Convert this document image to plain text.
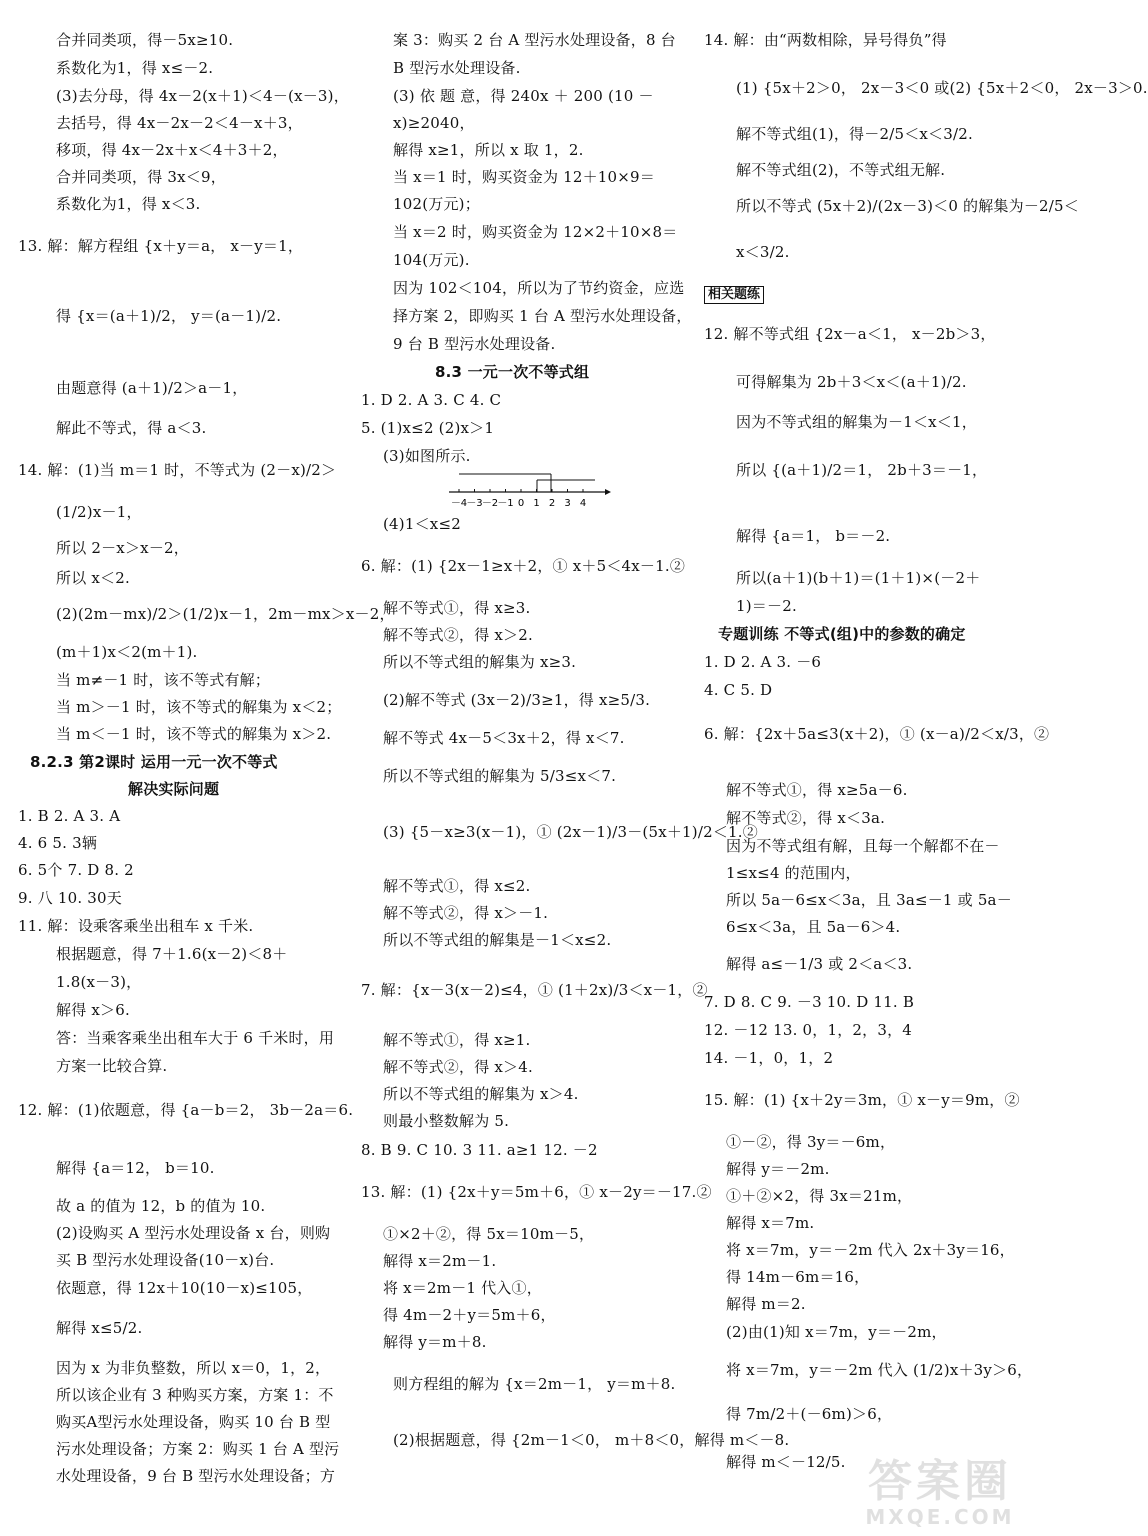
合并同类项，得－5x≥10.
系数化为1，得 x≤－2.
(3)去分母，得 4x－2(x＋1)＜4－(x－3)，
去括号，得 4x－2x－2＜4－x＋3，
移项，得 4x－2x＋x＜4＋3＋2，
合并同类项，得 3x＜9，
系数化为1，得 x＜3.
13. 解：解方程组 {x＋y＝a， x－y＝1，
得 {x＝(a＋1)/2， y＝(a－1)/2.
由题意得 (a＋1)/2＞a－1，
解此不等式，得 a＜3.
14. 解：(1)当 m＝1 时，不等式为 (2－x)/2＞
(1/2)x－1，
所以 2－x＞x－2，
所以 x＜2.
(2)(2m－mx)/2＞(1/2)x－1，2m－mx＞x－2，
(m＋1)x＜2(m＋1).
当 m≠－1 时，该不等式有解；
当 m＞－1 时，该不等式的解集为 x＜2；
当 m＜－1 时，该不等式的解集为 x＞2.
8.2.3 第2课时 运用一元一次不等式
解决实际问题
1. B 2. A 3. A
4. 6 5. 3辆
6. 5个 7. D 8. 2
9. 八 10. 30天
11. 解：设乘客乘坐出租车 x 千米.
根据题意，得 7＋1.6(x－2)＜8＋
1.8(x－3)，
解得 x＞6.
答：当乘客乘坐出租车大于 6 千米时，用
方案一比较合算.
12. 解：(1)依题意，得 {a－b＝2， 3b－2a＝6.
解得 {a＝12， b＝10.
故 a 的值为 12，b 的值为 10.
(2)设购买 A 型污水处理设备 x 台，则购
买 B 型污水处理设备(10－x)台.
依题意，得 12x＋10(10－x)≤105，
解得 x≤5/2.
因为 x 为非负整数，所以 x＝0，1，2，
所以该企业有 3 种购买方案，方案 1：不
购买A型污水处理设备，购买 10 台 B 型
污水处理设备；方案 2：购买 1 台 A 型污
水处理设备，9 台 B 型污水处理设备；方
案 3：购买 2 台 A 型污水处理设备，8 台
B 型污水处理设备.
(3) 依 题 意，得 240x ＋ 200 (10 －
x)≥2040，
解得 x≥1，所以 x 取 1，2.
当 x＝1 时，购买资金为 12＋10×9＝
102(万元)；
当 x＝2 时，购买资金为 12×2＋10×8＝
104(万元).
因为 102＜104，所以为了节约资金，应选
择方案 2，即购买 1 台 A 型污水处理设备，
9 台 B 型污水处理设备.
8.3 一元一次不等式组
1. D 2. A 3. C 4. C
5. (1)x≤2 (2)x＞1
(3)如图所示.
－4 －3 －2 －1 0 1 2 3 4
(4)1＜x≤2
6. 解：(1) {2x－1≥x＋2，① x＋5＜4x－1.②
解不等式①，得 x≥3.
解不等式②，得 x＞2.
所以不等式组的解集为 x≥3.
(2)解不等式 (3x－2)/3≥1，得 x≥5/3.
解不等式 4x－5＜3x＋2，得 x＜7.
所以不等式组的解集为 5/3≤x＜7.
(3) {5－x≥3(x－1)，① (2x－1)/3－(5x＋1)/2＜1.②
解不等式①，得 x≤2.
解不等式②，得 x＞－1.
所以不等式组的解集是－1＜x≤2.
7. 解：{x－3(x－2)≤4，① (1＋2x)/3＜x－1，②
解不等式①，得 x≥1.
解不等式②，得 x＞4.
所以不等式组的解集为 x＞4.
则最小整数解为 5.
8. B 9. C 10. 3 11. a≥1 12. －2
13. 解：(1) {2x＋y＝5m＋6，① x－2y＝－17.②
①×2＋②，得 5x＝10m－5，
解得 x＝2m－1.
将 x＝2m－1 代入①，
得 4m－2＋y＝5m＋6，
解得 y＝m＋8.
则方程组的解为 {x＝2m－1， y＝m＋8.
(2)根据题意，得 {2m－1＜0， m＋8＜0，解得 m＜－8.
14. 解：由“两数相除，异号得负”得
(1) {5x＋2＞0， 2x－3＜0 或(2) {5x＋2＜0， 2x－3＞0.
解不等式组(1)，得－2/5＜x＜3/2.
解不等式组(2)，不等式组无解.
所以不等式 (5x＋2)/(2x－3)＜0 的解集为－2/5＜
x＜3/2.
相关题练
12. 解不等式组 {2x－a＜1， x－2b＞3，
可得解集为 2b＋3＜x＜(a＋1)/2.
因为不等式组的解集为－1＜x＜1，
所以 {(a＋1)/2＝1， 2b＋3＝－1，
解得 {a＝1， b＝－2.
所以(a＋1)(b＋1)＝(1＋1)×(－2＋
1)＝－2.
专题训练 不等式(组)中的参数的确定
1. D 2. A 3. －6
4. C 5. D
6. 解：{2x＋5a≤3(x＋2)，① (x－a)/2＜x/3，②
解不等式①，得 x≥5a－6.
解不等式②，得 x＜3a.
因为不等式组有解，且每一个解都不在－
1≤x≤4 的范围内，
所以 5a－6≤x＜3a，且 3a≤－1 或 5a－
6≤x＜3a，且 5a－6＞4.
解得 a≤－1/3 或 2＜a＜3.
7. D 8. C 9. －3 10. D 11. B
12. －12 13. 0，1，2，3，4
14. －1，0，1，2
15. 解：(1) {x＋2y＝3m，① x－y＝9m，②
①－②，得 3y＝－6m，
解得 y＝－2m.
①＋②×2，得 3x＝21m，
解得 x＝7m.
将 x＝7m，y＝－2m 代入 2x＋3y＝16，
得 14m－6m＝16，
解得 m＝2.
(2)由(1)知 x＝7m，y＝－2m，
将 x＝7m，y＝－2m 代入 (1/2)x＋3y＞6，
得 7m/2＋(－6m)＞6，
解得 m＜－12/5. 答案圈
MXQE.COM
